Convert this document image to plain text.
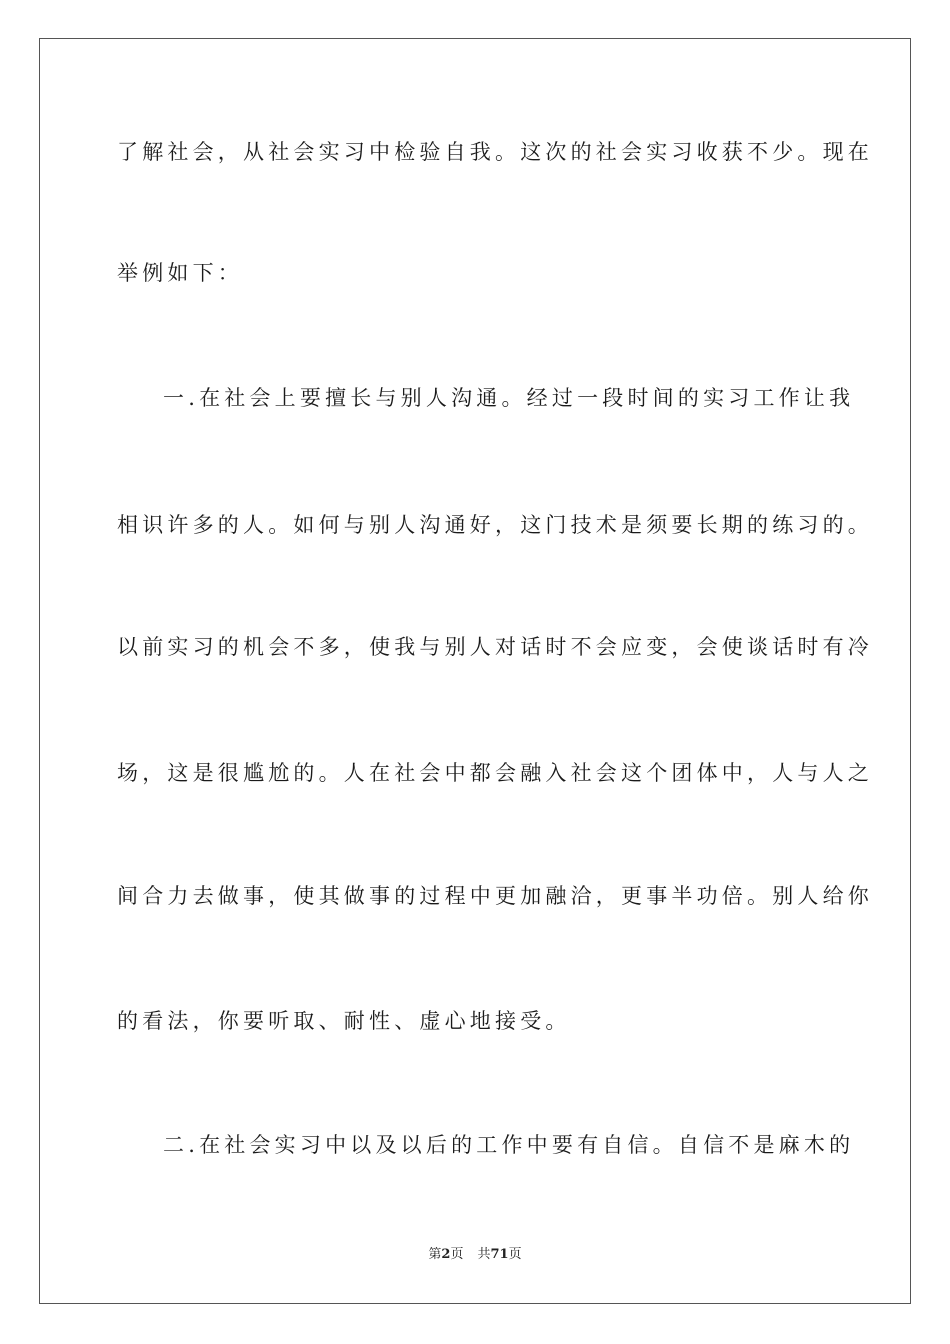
了解社会，从社会实习中检验自我。这次的社会实习收获不少。现在
举例如下：
一.在社会上要擅长与别人沟通。经过一段时间的实习工作让我
相识许多的人。如何与别人沟通好，这门技术是须要长期的练习的。
以前实习的机会不多，使我与别人对话时不会应变，会使谈话时有冷
场，这是很尴尬的。人在社会中都会融入社会这个团体中，人与人之
间合力去做事，使其做事的过程中更加融洽，更事半功倍。别人给你
的看法，你要听取、耐性、虚心地接受。
二.在社会实习中以及以后的工作中要有自信。自信不是麻木的
第2页 共71页
